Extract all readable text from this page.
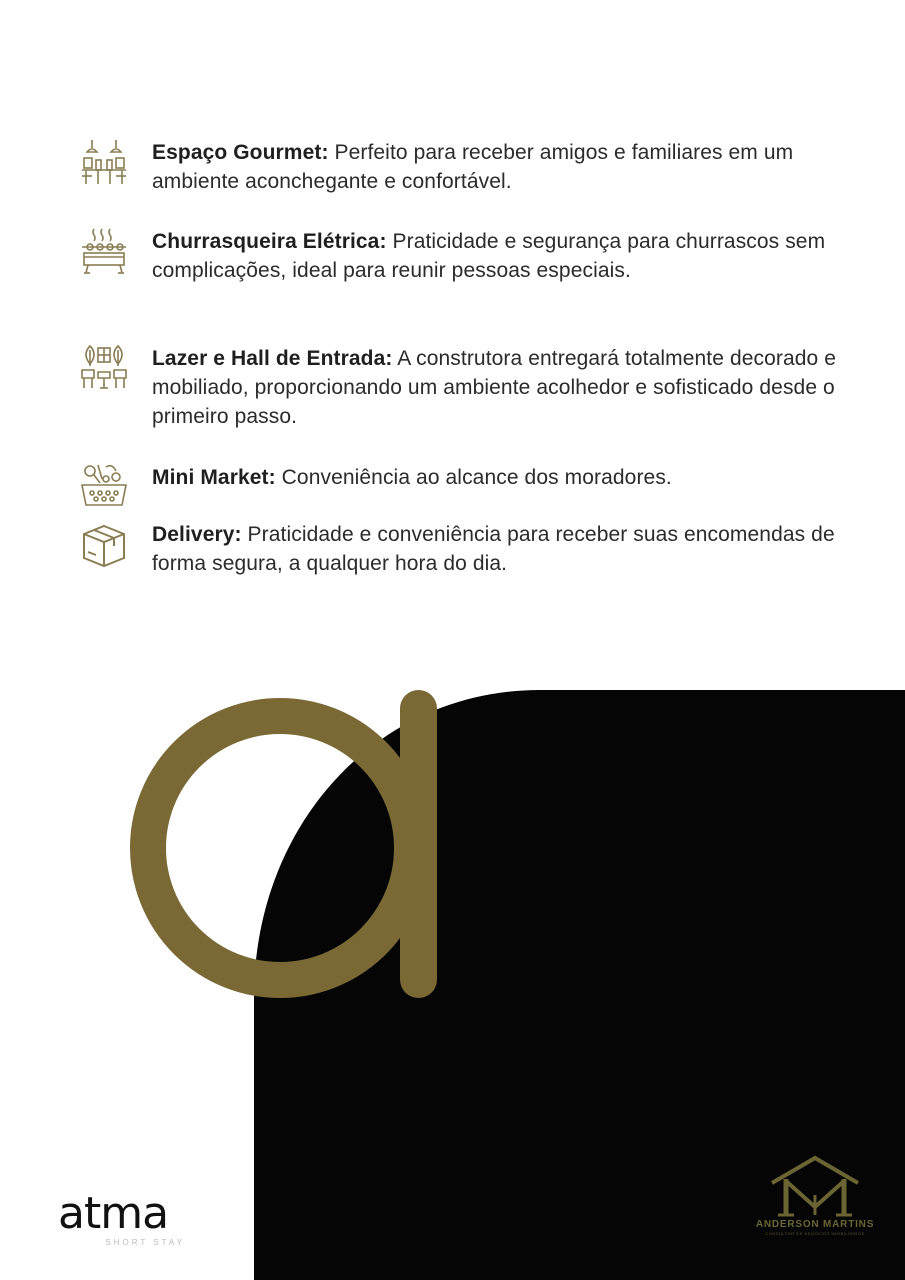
Espaço Gourmet: Perfeito para receber amigos e familiares em um ambiente aconchegante e confortável.
Churrasqueira Elétrica: Praticidade e segurança para churrascos sem complicações, ideal para reunir pessoas especiais.
Lazer e Hall de Entrada: A construtora entregará totalmente decorado e mobiliado, proporcionando um ambiente acolhedor e sofisticado desde o primeiro passo.
Mini Market: Conveniência ao alcance dos moradores.
Delivery: Praticidade e conveniência para receber suas encomendas de forma segura, a qualquer hora do dia.
atma
SHORT STAY
ANDERSON MARTINS
CONSULTOR DE NEGÓCIOS IMOBILIÁRIOS
